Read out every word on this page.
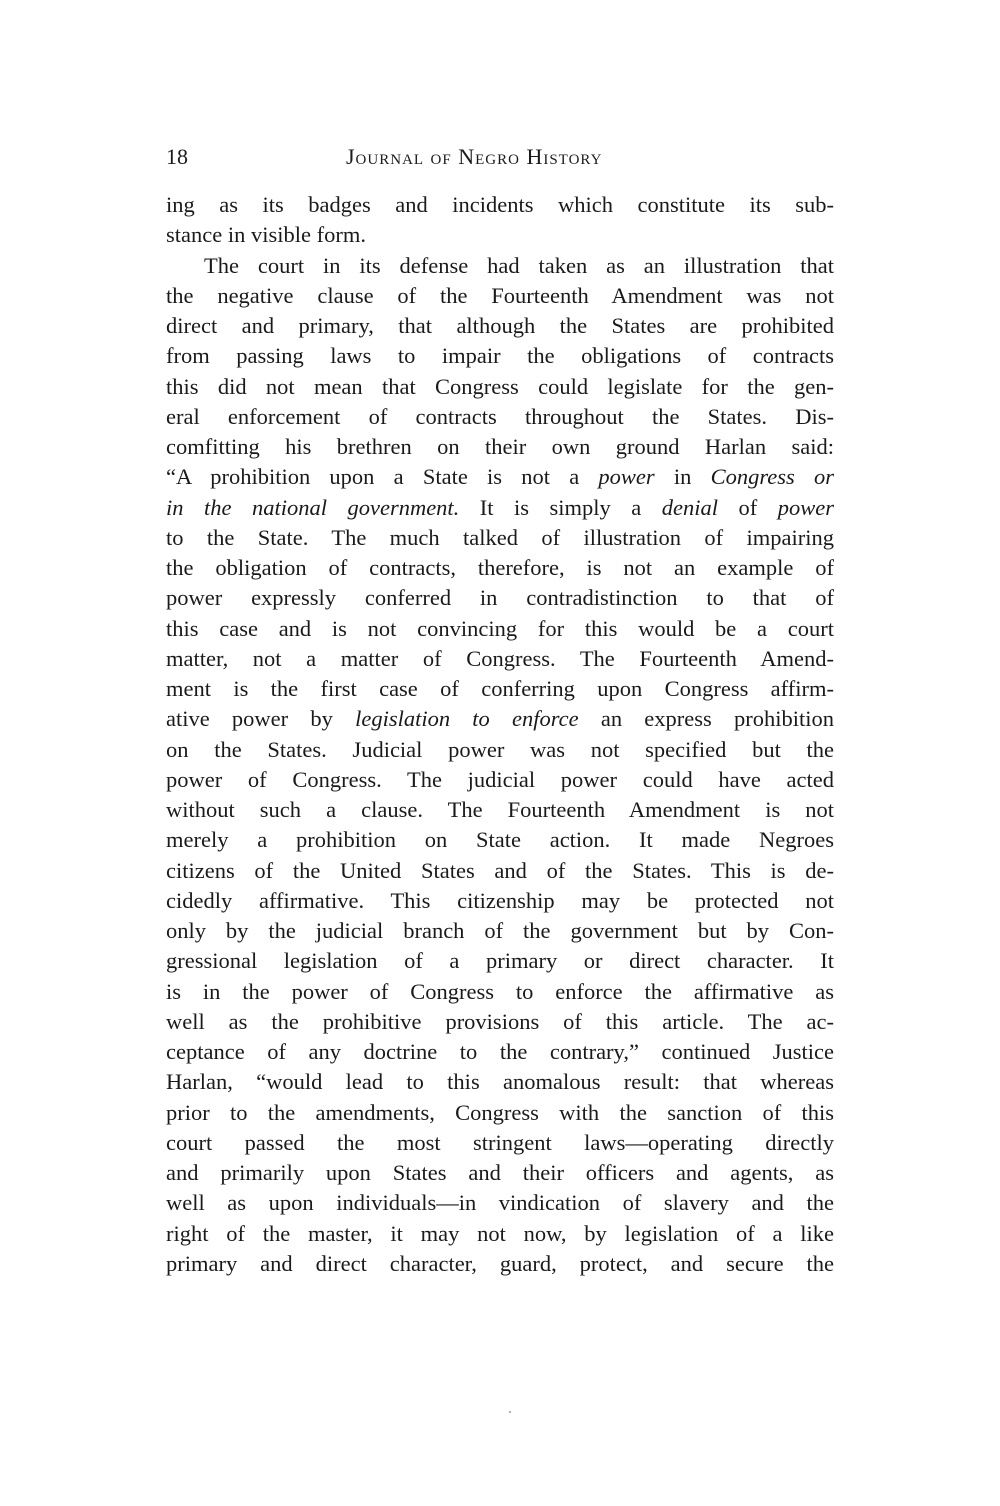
18	Journal of Negro History
ing as its badges and incidents which constitute its sub-
stance in visible form.
The court in its defense had taken as an illustration that
the negative clause of the Fourteenth Amendment was not
direct and primary, that although the States are prohibited
from passing laws to impair the obligations of contracts
this did not mean that Congress could legislate for the gen-
eral enforcement of contracts throughout the States. Dis-
comfitting his brethren on their own ground Harlan said:
“A prohibition upon a State is not a power in Congress or
in the national government. It is simply a denial of power
to the State. The much talked of illustration of impairing
the obligation of contracts, therefore, is not an example of
power expressly conferred in contradistinction to that of
this case and is not convincing for this would be a court
matter, not a matter of Congress. The Fourteenth Amend-
ment is the first case of conferring upon Congress affirm-
ative power by legislation to enforce an express prohibition
on the States. Judicial power was not specified but the
power of Congress. The judicial power could have acted
without such a clause. The Fourteenth Amendment is not
merely a prohibition on State action. It made Negroes
citizens of the United States and of the States. This is de-
cidedly affirmative. This citizenship may be protected not
only by the judicial branch of the government but by Con-
gressional legislation of a primary or direct character. It
is in the power of Congress to enforce the affirmative as
well as the prohibitive provisions of this article. The ac-
ceptance of any doctrine to the contrary,” continued Justice
Harlan, “would lead to this anomalous result: that whereas
prior to the amendments, Congress with the sanction of this
court passed the most stringent laws—operating directly
and primarily upon States and their officers and agents, as
well as upon individuals—in vindication of slavery and the
right of the master, it may not now, by legislation of a like
primary and direct character, guard, protect, and secure the
